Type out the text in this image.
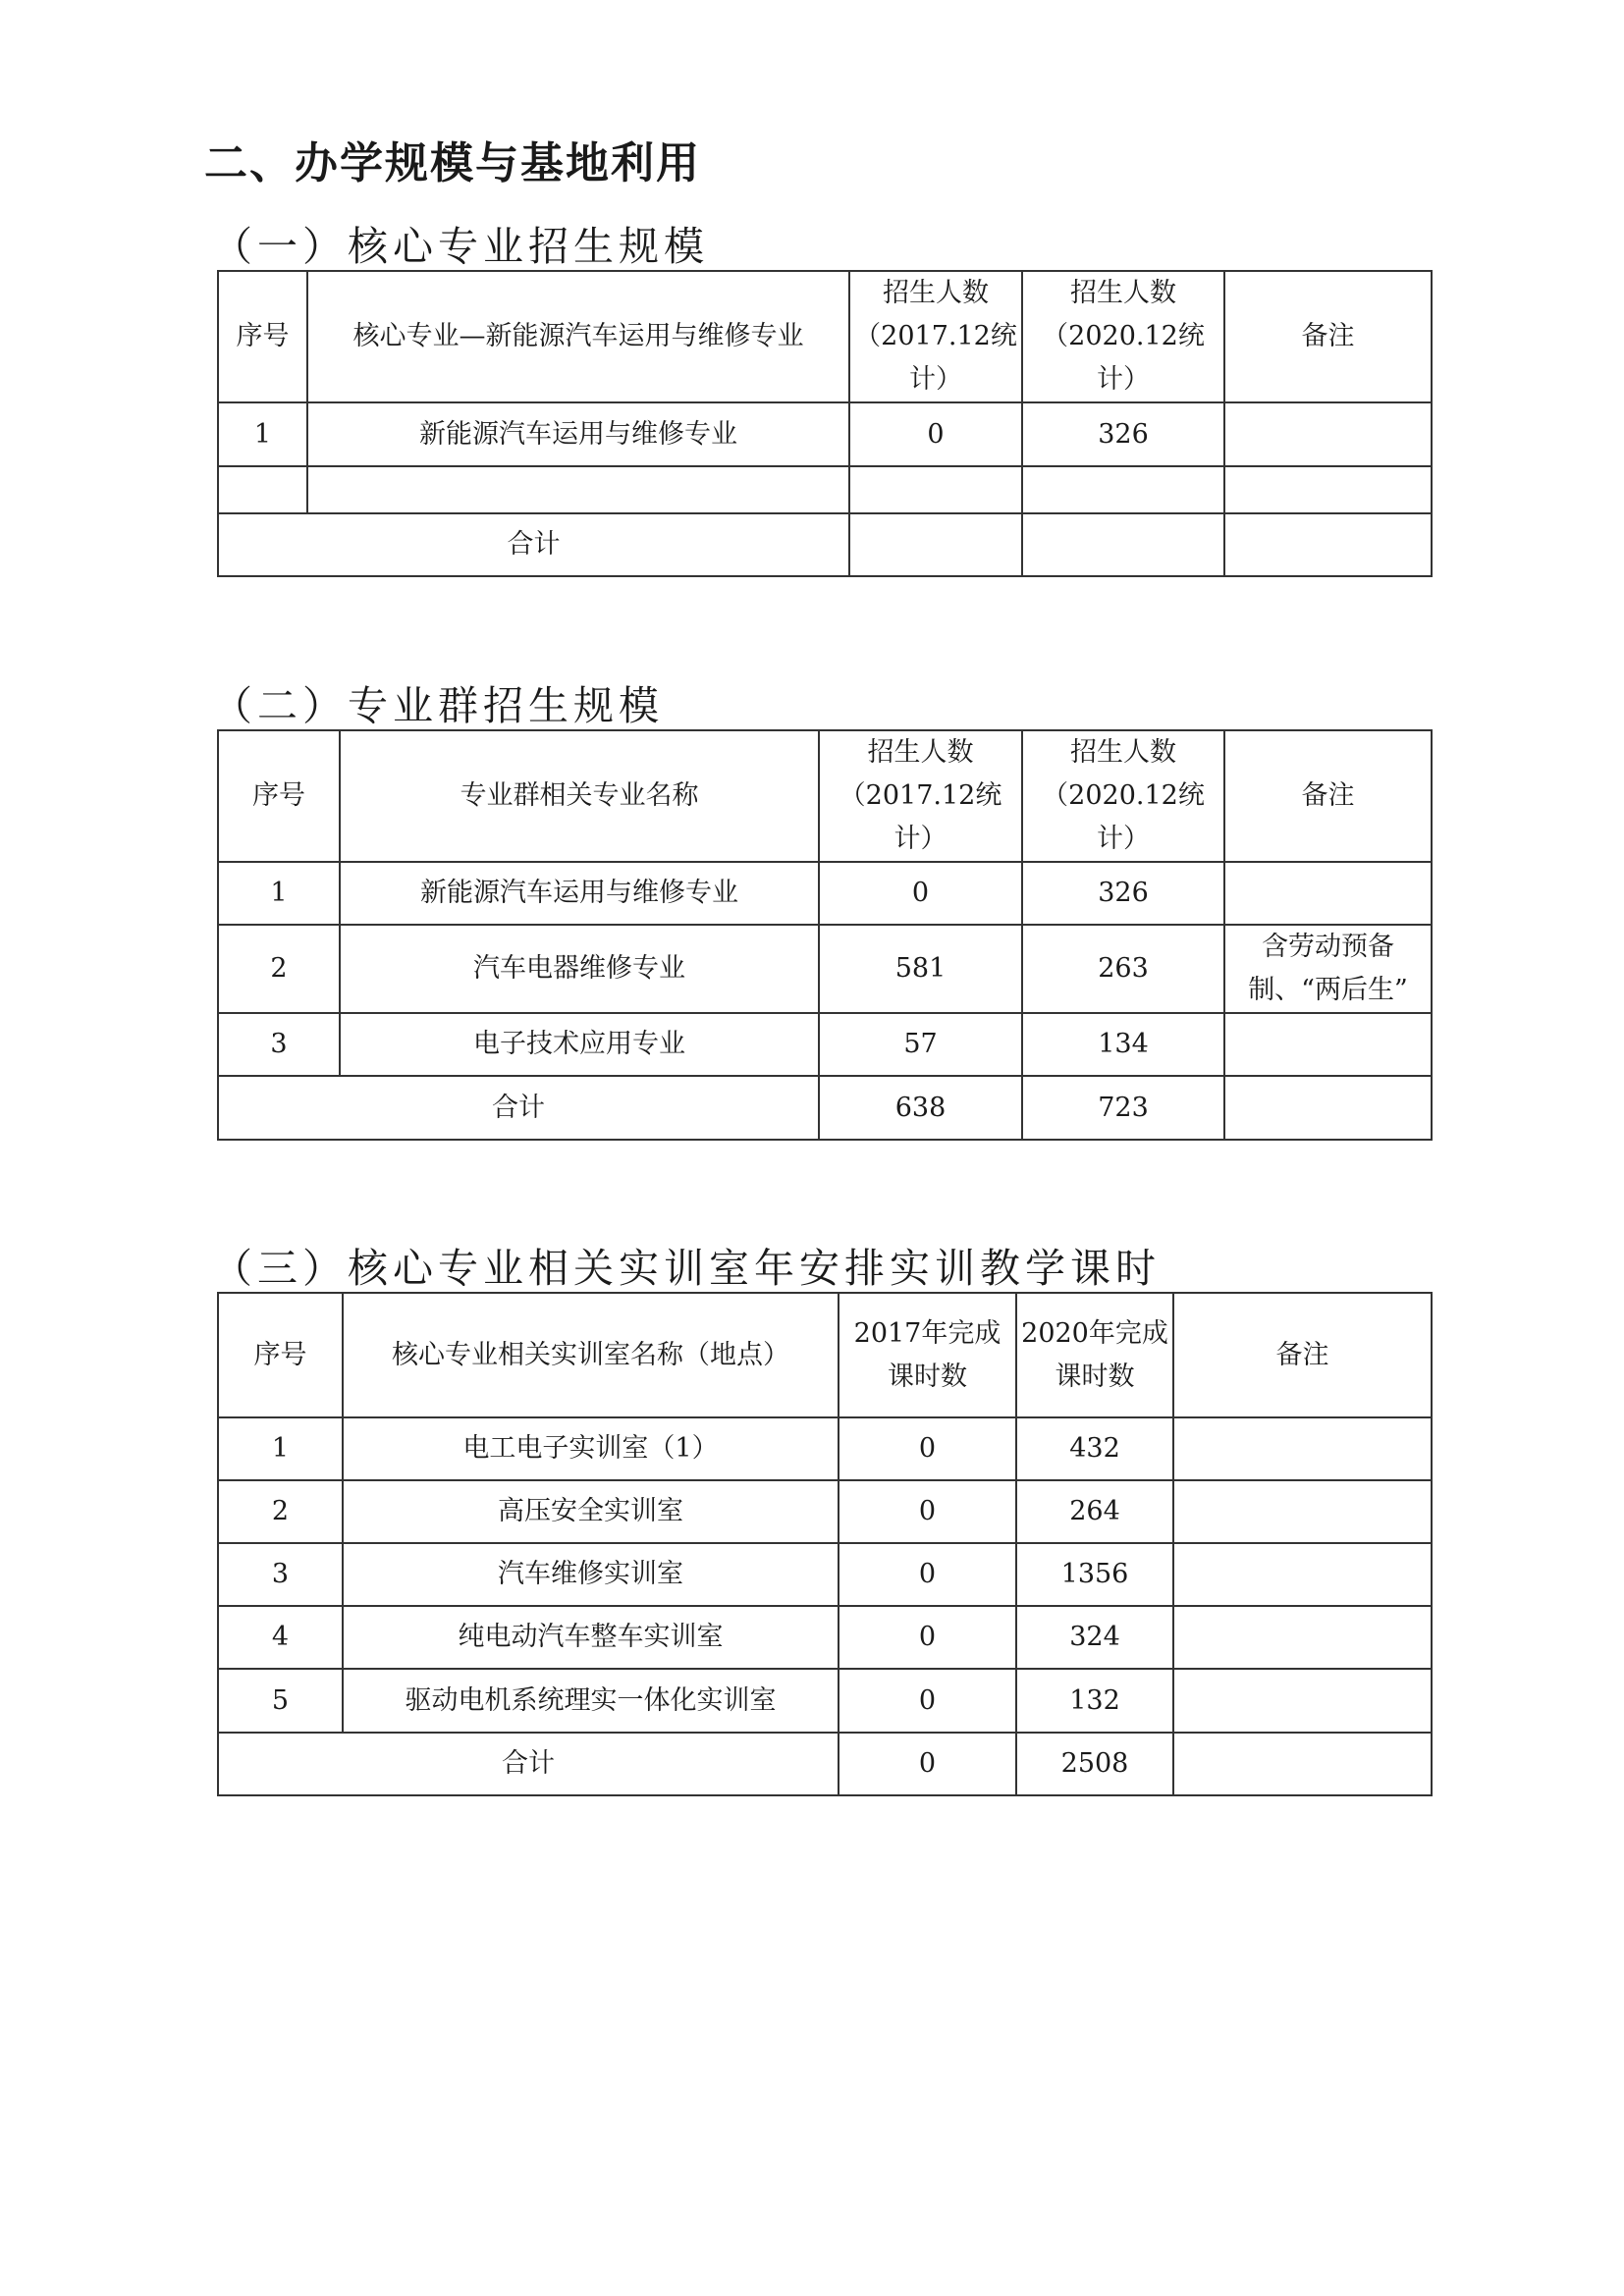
二、办学规模与基地利用
（一）核心专业招生规模
序号	核心专业—新能源汽车运用与维修专业	招生人数（2017.12统计）	招生人数（2020.12统计）	备注
1	新能源汽车运用与维修专业	0	326	

合计				
（二）专业群招生规模
序号	专业群相关专业名称	招生人数（2017.12统计）	招生人数（2020.12统计）	备注
1	新能源汽车运用与维修专业	0	326	
2	汽车电器维修专业	581	263	含劳动预备制、“两后生”
3	电子技术应用专业	57	134	
合计		638	723	
（三）核心专业相关实训室年安排实训教学课时
序号	核心专业相关实训室名称（地点）	2017年完成课时数	2020年完成课时数	备注
1	电工电子实训室（1）	0	432	
2	高压安全实训室	0	264	
3	汽车维修实训室	0	1356	
4	纯电动汽车整车实训室	0	324	
5	驱动电机系统理实一体化实训室	0	132	
合计		0	2508	
